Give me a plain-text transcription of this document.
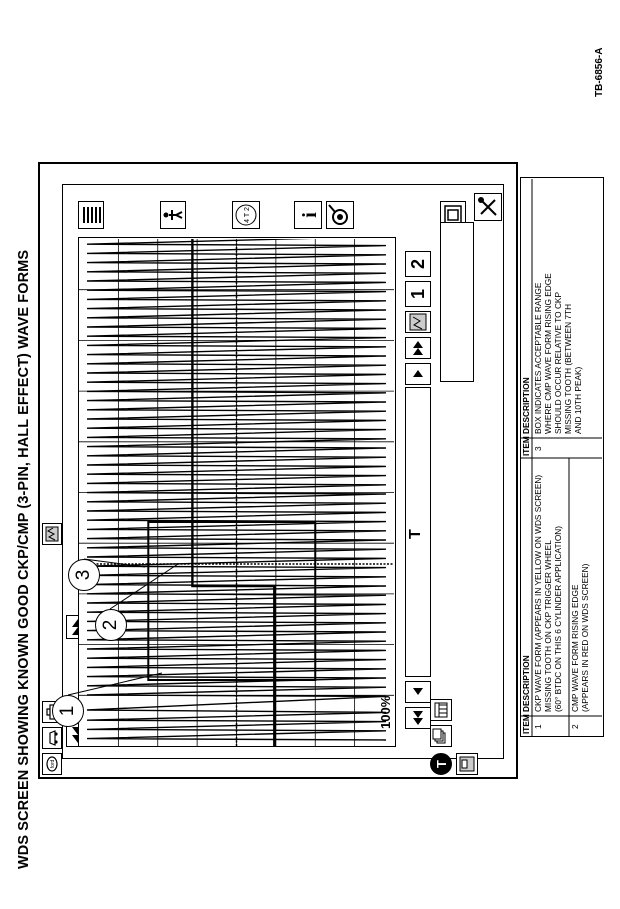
WDS SCREEN SHOWING KNOWN GOOD CKP/CMP (3-PIN, HALL EFFECT) WAVE FORMS	ford	T
100%
T
1
2
4 T 2 i
1
2
3
ITEM
DESCRIPTION
ITEM
DESCRIPTION
1
CKP WAVE FORM (APPEARS IN YELLOW ON WDS SCREEN) MISSING TOOTH ON CKP TRIGGER WHEEL (60° BTDC ON THIS 6 CYLINDER APPLICATION)
2
CMP WAVE FORM RISING EDGE (APPEARS IN RED ON WDS SCREEN)
3
BOX INDICATES ACCEPTABLE RANGE WHERE CMP WAVE FORM RISING EDGE SHOULD OCCUR RELATIVE TO CKP MISSING TOOTH (BETWEEN 7TH AND 10TH PEAK)
TB-6856-A
